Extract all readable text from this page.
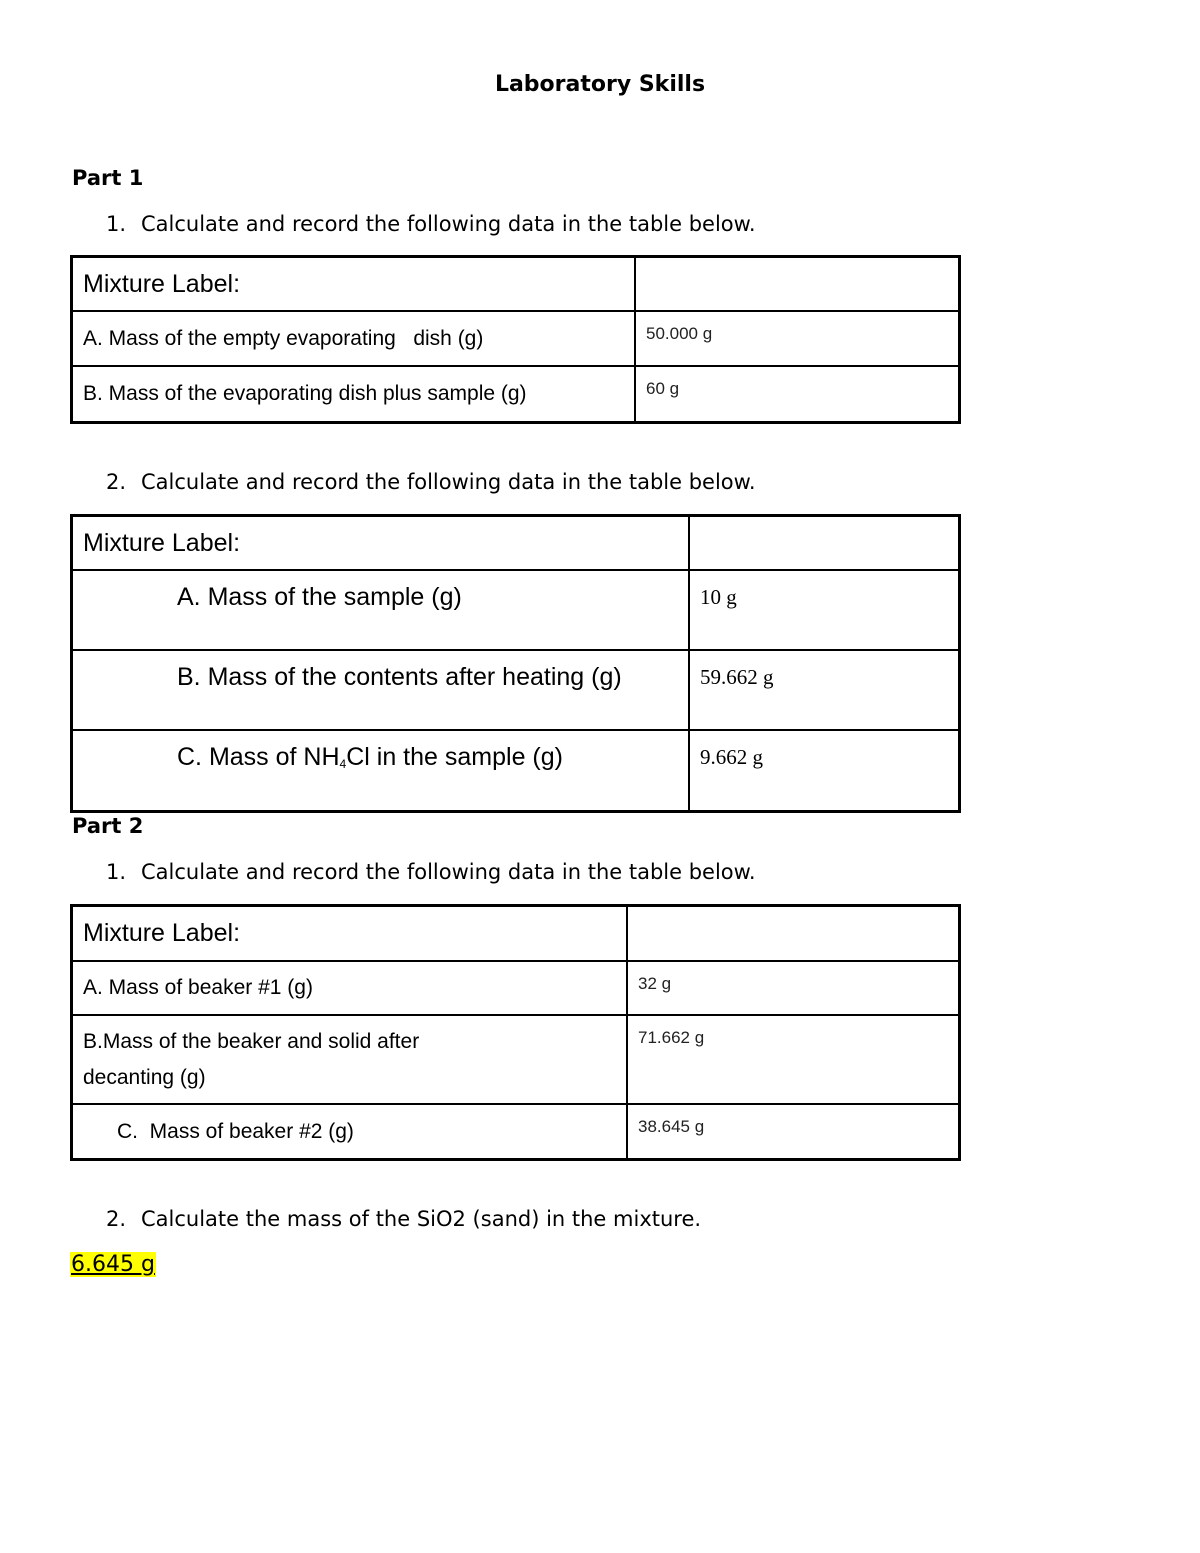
Laboratory Skills
Part 1
1. Calculate and record the following data in the table below.
Mixture Label:	
A. Mass of the empty evaporating   dish (g)	50.000 g
B. Mass of the evaporating dish plus sample (g)	60 g
2. Calculate and record the following data in the table below.
Mixture Label:	
A. Mass of the sample (g)	10 g
B. Mass of the contents after heating (g)	59.662 g
C. Mass of $NH_4Cl$ in the sample (g)	9.662 g
Part 2
1. Calculate and record the following data in the table below.
Mixture Label:	
A. Mass of beaker #1 (g)	32 g
B.Mass of the beaker and solid after decanting (g)	71.662 g
C.  Mass of beaker #2 (g)	38.645 g
2. Calculate the mass of the SiO2 (sand) in the mixture.
6.645 g
